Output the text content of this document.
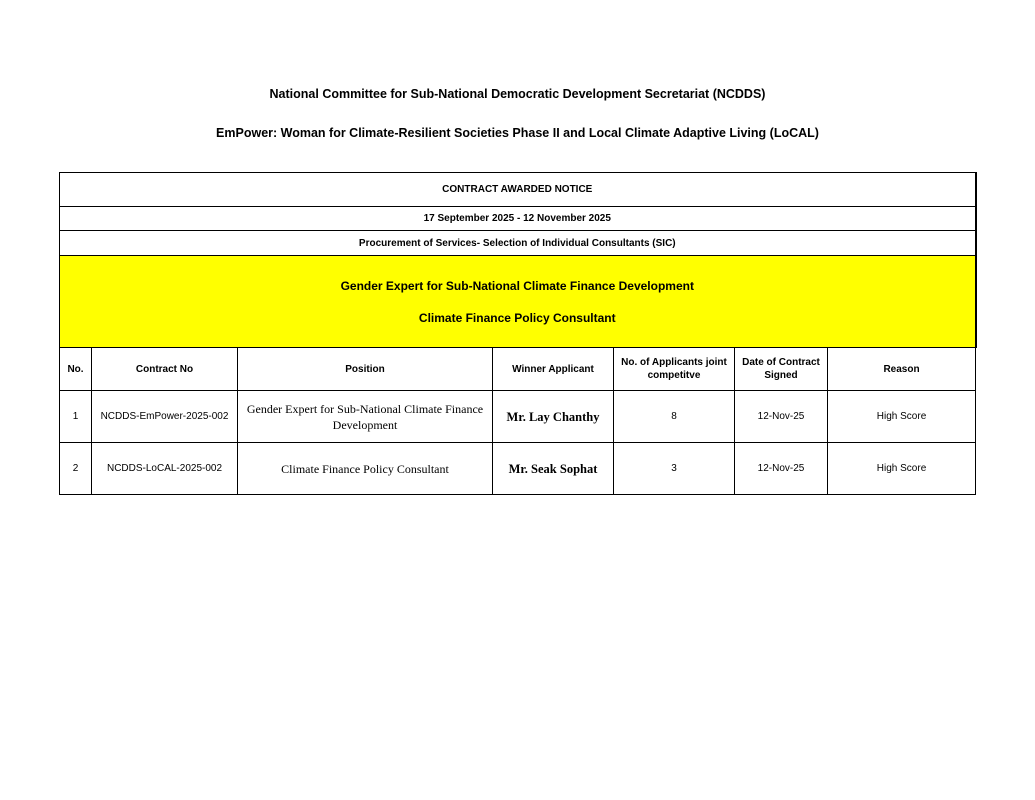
National Committee for Sub-National Democratic Development Secretariat (NCDDS)
EmPower: Woman for Climate-Resilient Societies Phase II and Local Climate Adaptive Living (LoCAL)
CONTRACT AWARDED NOTICE						
17 September 2025 - 12 November 2025						
Procurement of Services- Selection of Individual Consultants (SIC)						

Gender Expert for Sub-National Climate Finance Development
Climate Finance Policy Consultant						

No.	Contract No	Position	Winner Applicant	No. of Applicants joint competitve	Date of Contract Signed	Reason
1	NCDDS-EmPower-2025-002	Gender Expert for Sub-National Climate Finance Development	Mr. Lay Chanthy	8	12-Nov-25	High Score
2	NCDDS-LoCAL-2025-002	Climate Finance Policy Consultant	Mr. Seak Sophat	3	12-Nov-25	High Score
